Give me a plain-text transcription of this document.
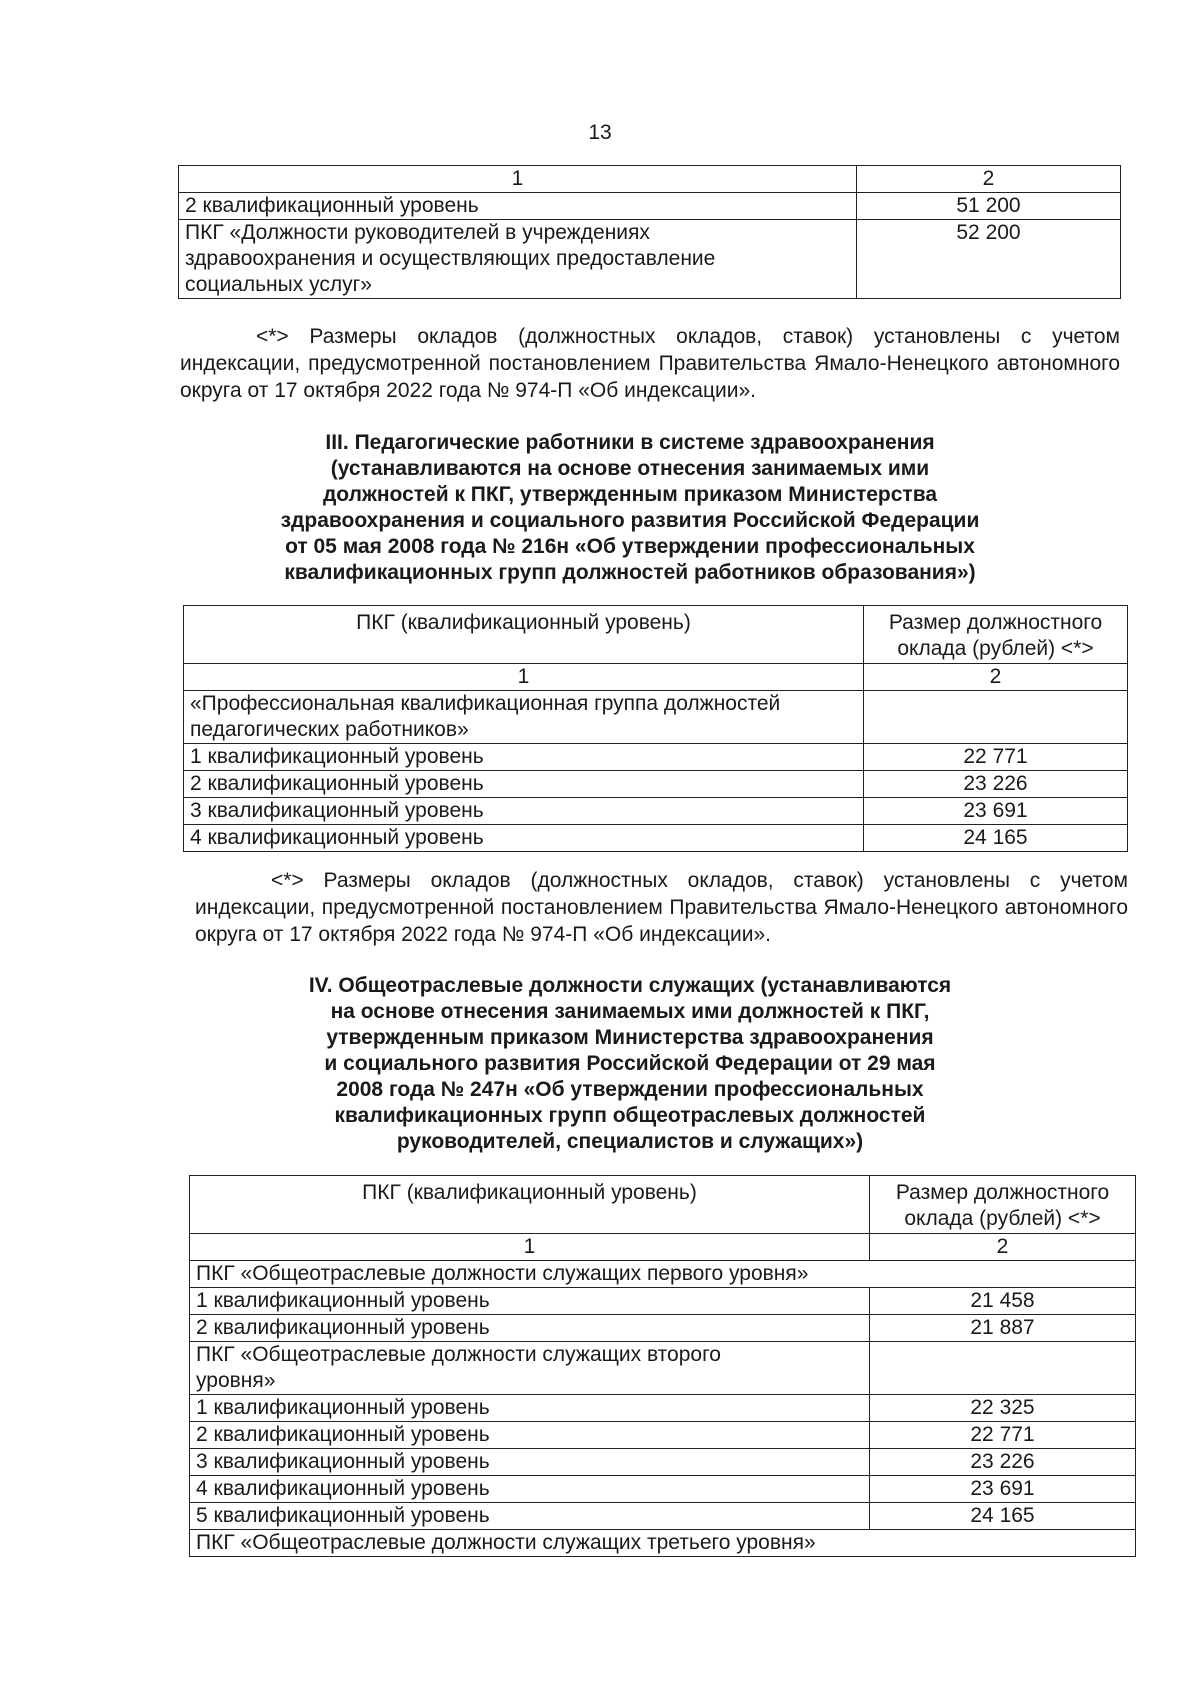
13
1	2
2 квалификационный уровень	51 200
ПКГ «Должности руководителей в учреждениях здравоохранения и осуществляющих предоставление социальных услуг»	52 200
<*> Размеры окладов (должностных окладов, ставок) установлены с учетом индексации, предусмотренной постановлением Правительства Ямало-Ненецкого автономного округа от 17 октября 2022 года № 974-П «Об индексации».
III. Педагогические работники в системе здравоохранения
(устанавливаются на основе отнесения занимаемых ими
должностей к ПКГ, утвержденным приказом Министерства
здравоохранения и социального развития Российской Федерации
от 05 мая 2008 года № 216н «Об утверждении профессиональных
квалификационных групп должностей работников образования»)
ПКГ (квалификационный уровень)	Размер должностного оклада (рублей) <*>
1	2
«Профессиональная квалификационная группа должностей педагогических работников»	
1 квалификационный уровень	22 771
2 квалификационный уровень	23 226
3 квалификационный уровень	23 691
4 квалификационный уровень	24 165
<*> Размеры окладов (должностных окладов, ставок) установлены с учетом индексации, предусмотренной постановлением Правительства Ямало-Ненецкого автономного округа от 17 октября 2022 года № 974-П «Об индексации».
IV. Общеотраслевые должности служащих (устанавливаются
на основе отнесения занимаемых ими должностей к ПКГ,
утвержденным приказом Министерства здравоохранения
и социального развития Российской Федерации от 29 мая
2008 года № 247н «Об утверждении профессиональных
квалификационных групп общеотраслевых должностей
руководителей, специалистов и служащих»)
ПКГ (квалификационный уровень)	Размер должностного оклада (рублей) <*>
1	2
ПКГ «Общеотраслевые должности служащих первого уровня»	
1 квалификационный уровень	21 458
2 квалификационный уровень	21 887
ПКГ «Общеотраслевые должности служащих второго уровня»	
1 квалификационный уровень	22 325
2 квалификационный уровень	22 771
3 квалификационный уровень	23 226
4 квалификационный уровень	23 691
5 квалификационный уровень	24 165
ПКГ «Общеотраслевые должности служащих третьего уровня»	
